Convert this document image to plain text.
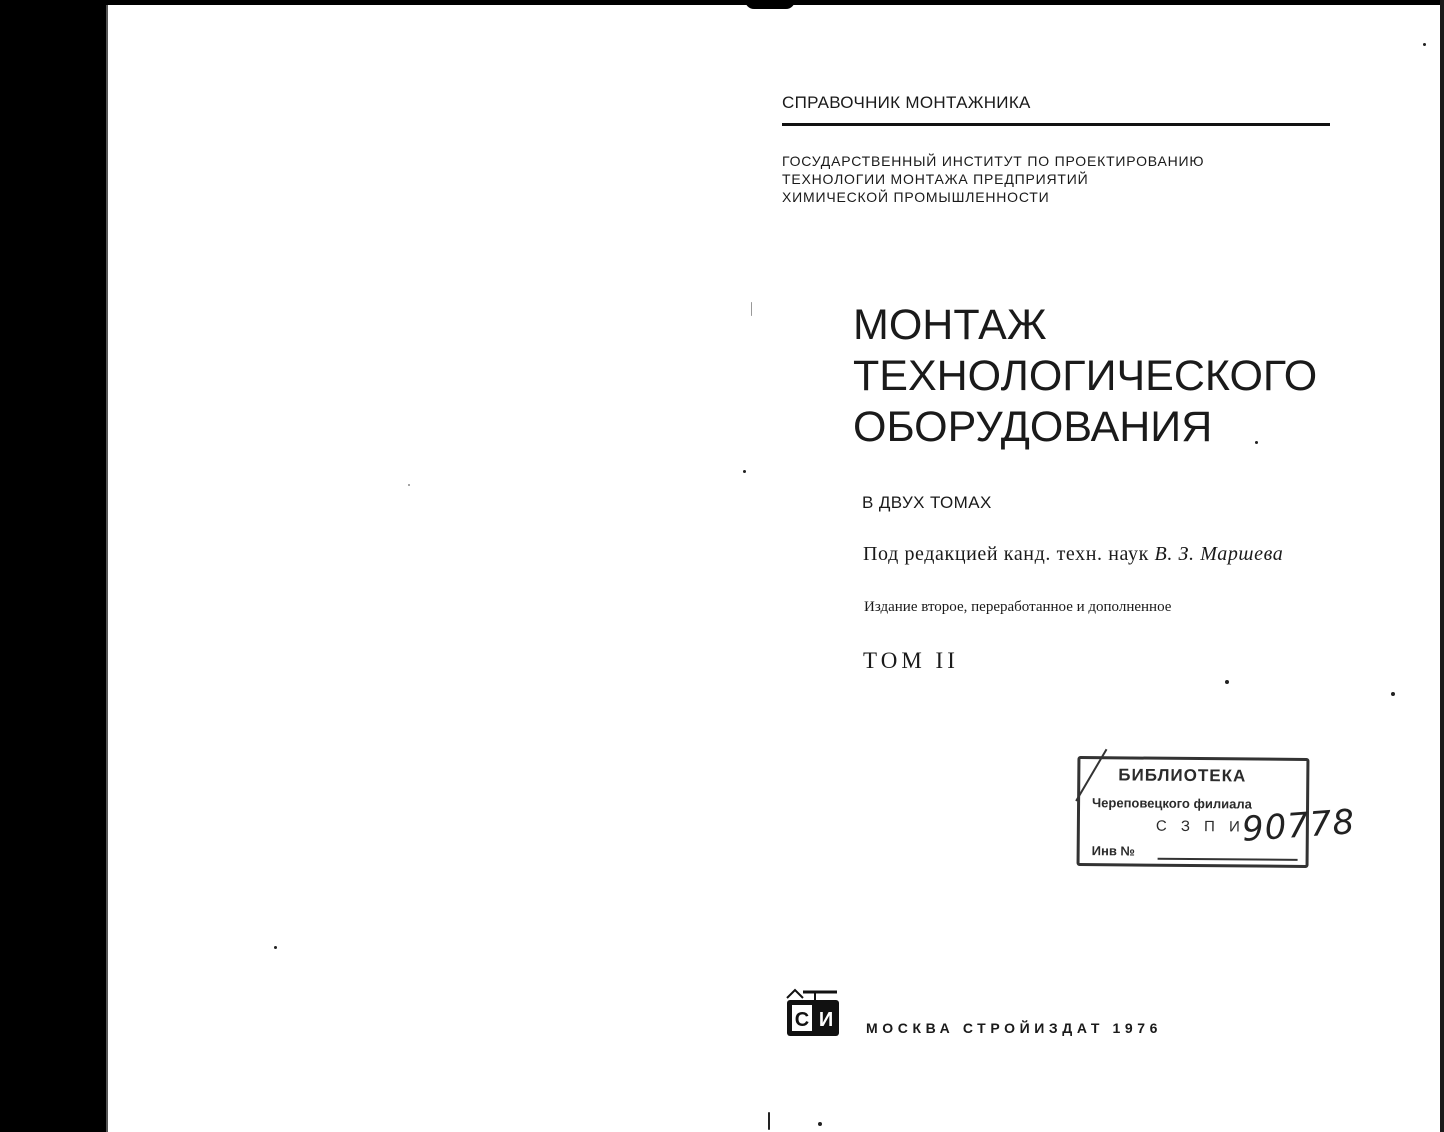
СПРАВОЧНИК МОНТАЖНИКА
ГОСУДАРСТВЕННЫЙ ИНСТИТУТ ПО ПРОЕКТИРОВАНИЮ
ТЕХНОЛОГИИ МОНТАЖА ПРЕДПРИЯТИЙ
ХИМИЧЕСКОЙ ПРОМЫШЛЕННОСТИ
МОНТАЖ
ТЕХНОЛОГИЧЕСКОГО
ОБОРУДОВАНИЯ
В ДВУХ ТОМАХ
Под редакцией канд. техн. наук В. З. Маршева
Издание второе, переработанное и дополненное
ТОМ II
БИБЛИОТЕКА
Череповецкого филиала
С З П И
Инв №
90778
С И МОСКВА СТРОЙИЗДАТ 1976
